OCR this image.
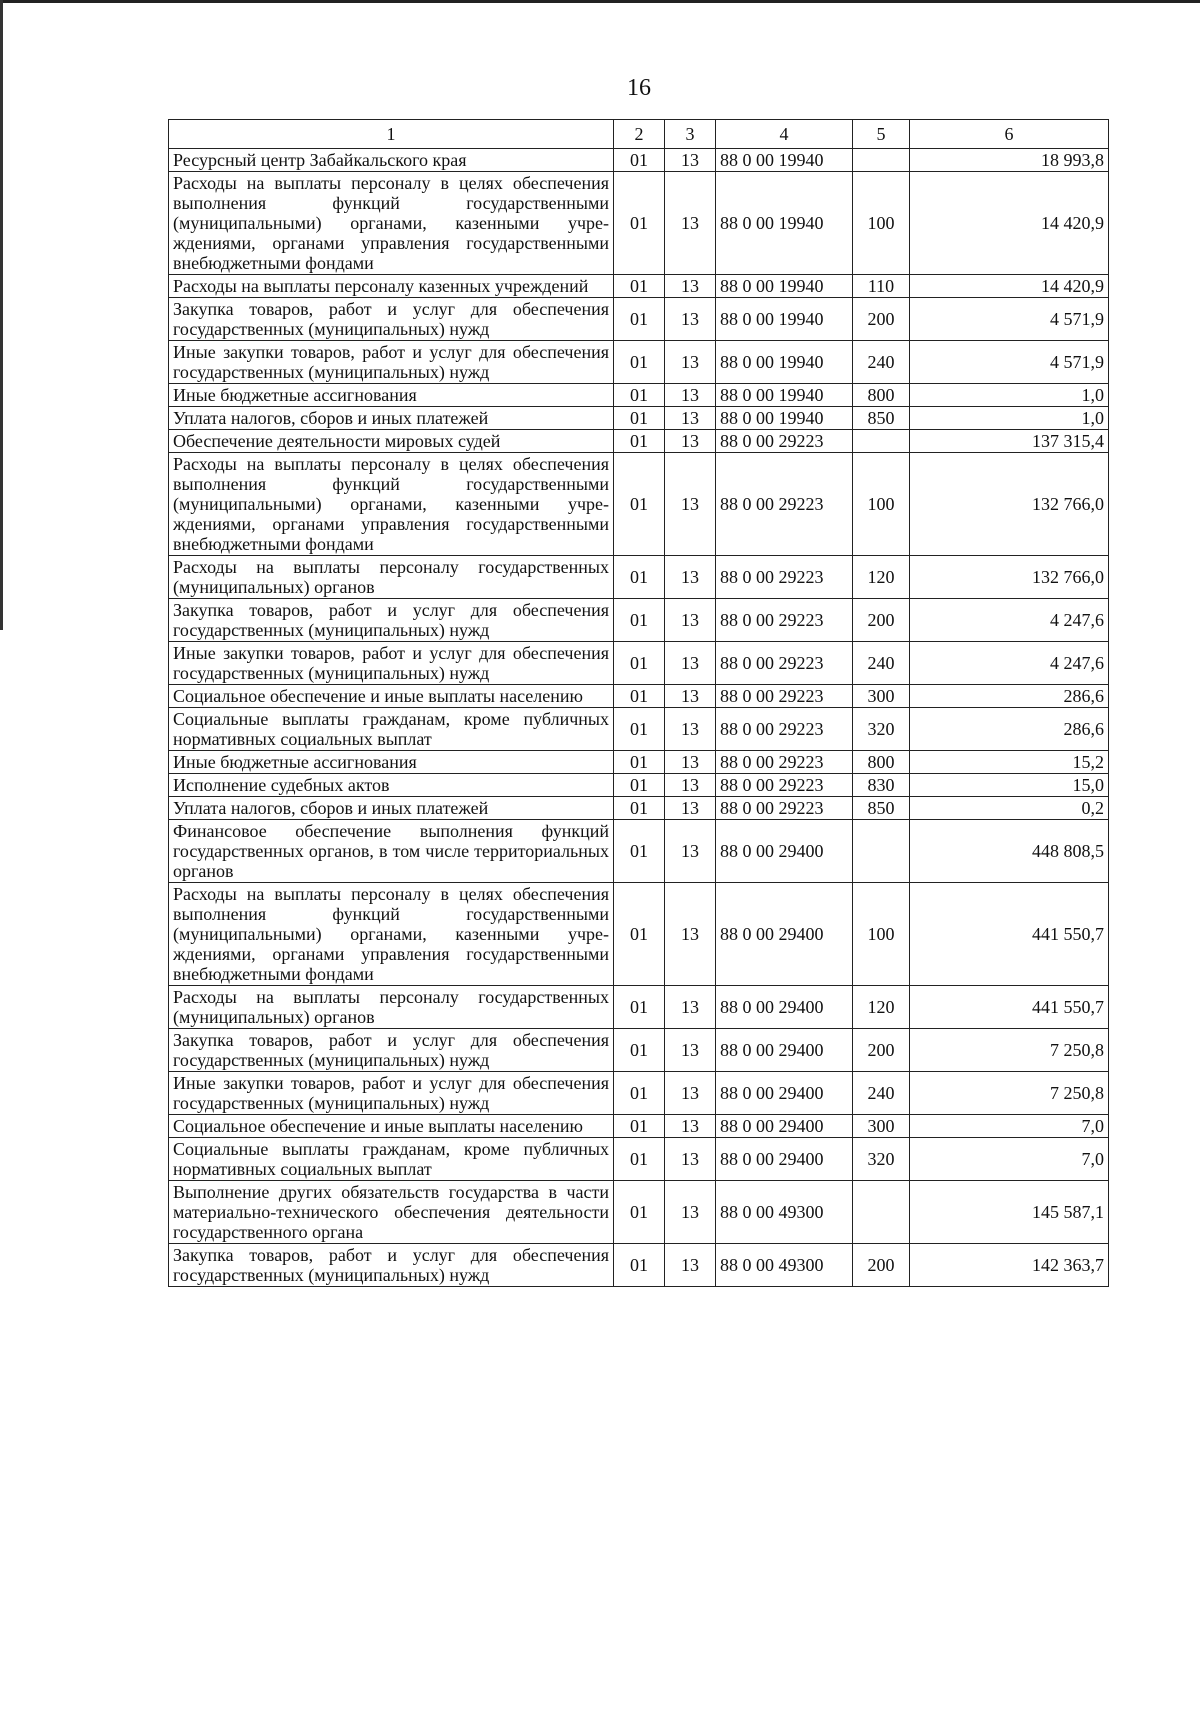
16
1	2	3	4	5	6
Ресурсный центр Забайкальского края	01	13	88 0 00 19940		18 993,8
Расходы на выплаты персоналу в целях обеспечения выполнения функций государственными (муниципальными) органами, казенными учреждениями, органами управления государственными внебюджетными фондами	01	13	88 0 00 19940	100	14 420,9
Расходы на выплаты персоналу казенных учреждений	01	13	88 0 00 19940	110	14 420,9
Закупка товаров, работ и услуг для обеспечения государственных (муниципальных) нужд	01	13	88 0 00 19940	200	4 571,9
Иные закупки товаров, работ и услуг для обеспечения государственных (муниципальных) нужд	01	13	88 0 00 19940	240	4 571,9
Иные бюджетные ассигнования	01	13	88 0 00 19940	800	1,0
Уплата налогов, сборов и иных платежей	01	13	88 0 00 19940	850	1,0
Обеспечение деятельности мировых судей	01	13	88 0 00 29223		137 315,4
Расходы на выплаты персоналу в целях обеспечения выполнения функций государственными (муниципальными) органами, казенными учреждениями, органами управления государственными внебюджетными фондами	01	13	88 0 00 29223	100	132 766,0
Расходы на выплаты персоналу государственных (муниципальных) органов	01	13	88 0 00 29223	120	132 766,0
Закупка товаров, работ и услуг для обеспечения государственных (муниципальных) нужд	01	13	88 0 00 29223	200	4 247,6
Иные закупки товаров, работ и услуг для обеспечения государственных (муниципальных) нужд	01	13	88 0 00 29223	240	4 247,6
Социальное обеспечение и иные выплаты населению	01	13	88 0 00 29223	300	286,6
Социальные выплаты гражданам, кроме публичных нормативных социальных выплат	01	13	88 0 00 29223	320	286,6
Иные бюджетные ассигнования	01	13	88 0 00 29223	800	15,2
Исполнение судебных актов	01	13	88 0 00 29223	830	15,0
Уплата налогов, сборов и иных платежей	01	13	88 0 00 29223	850	0,2
Финансовое обеспечение выполнения функций государственных органов, в том числе территориальных органов	01	13	88 0 00 29400		448 808,5
Расходы на выплаты персоналу в целях обеспечения выполнения функций государственными (муниципальными) органами, казенными учреждениями, органами управления государственными внебюджетными фондами	01	13	88 0 00 29400	100	441 550,7
Расходы на выплаты персоналу государственных (муниципальных) органов	01	13	88 0 00 29400	120	441 550,7
Закупка товаров, работ и услуг для обеспечения государственных (муниципальных) нужд	01	13	88 0 00 29400	200	7 250,8
Иные закупки товаров, работ и услуг для обеспечения государственных (муниципальных) нужд	01	13	88 0 00 29400	240	7 250,8
Социальное обеспечение и иные выплаты населению	01	13	88 0 00 29400	300	7,0
Социальные выплаты гражданам, кроме публичных нормативных социальных выплат	01	13	88 0 00 29400	320	7,0
Выполнение других обязательств государства в части материально-технического обеспечения деятельности государственного органа	01	13	88 0 00 49300		145 587,1
Закупка товаров, работ и услуг для обеспечения государственных (муниципальных) нужд	01	13	88 0 00 49300	200	142 363,7
